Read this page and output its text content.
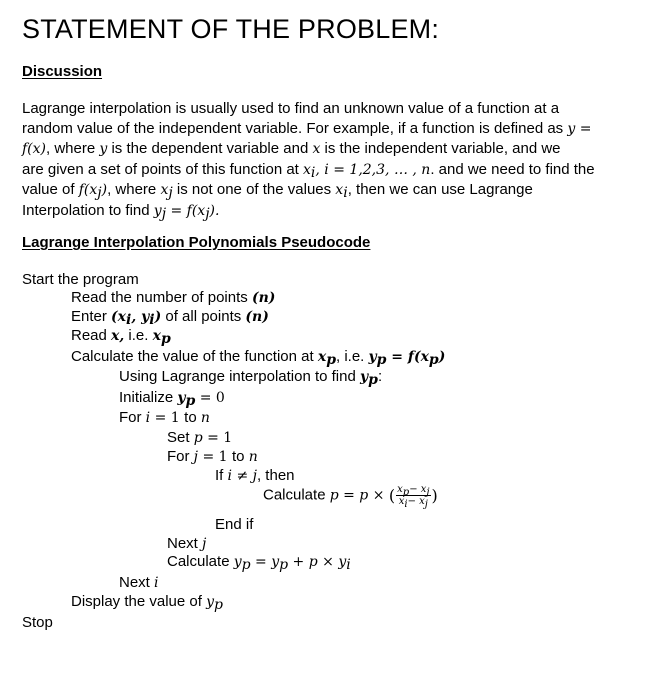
STATEMENT OF THE PROBLEM:
Discussion
Lagrange interpolation is usually used to find an unknown value of a function at a
random value of the independent variable. For example, if a function is defined as y =
f(x), where y is the dependent variable and x is the independent variable, and we
are given a set of points of this function at $x_i$, i = 1,2,3, … , n. and we need to find the
value of $f(x_j)$, where $x_j$ is not one of the values $x_i$, then we can use Lagrange
Interpolation to find $y_j = f(x_j)$.
Lagrange Interpolation Polynomials Pseudocode
Start the program
Read the number of points (n)
Enter ($x_i$, $y_i$) of all points (n)
Read x, i.e. $x_p$
Calculate the value of the function at $x_p$, i.e. $y_p = f(x_p)$
Using Lagrange interpolation to find $y_p$:
Initialize $y_p = 0$
For i = 1 to n
Set p = 1
For j = 1 to n
If i ≠ j, then
Calculate p = p × ( $\frac{x_p- x_j}{x_i- x_j}$ )
End if
Next j
Calculate $y_p = y_p + p \times y_i$
Next i
Display the value of $y_p$
Stop
